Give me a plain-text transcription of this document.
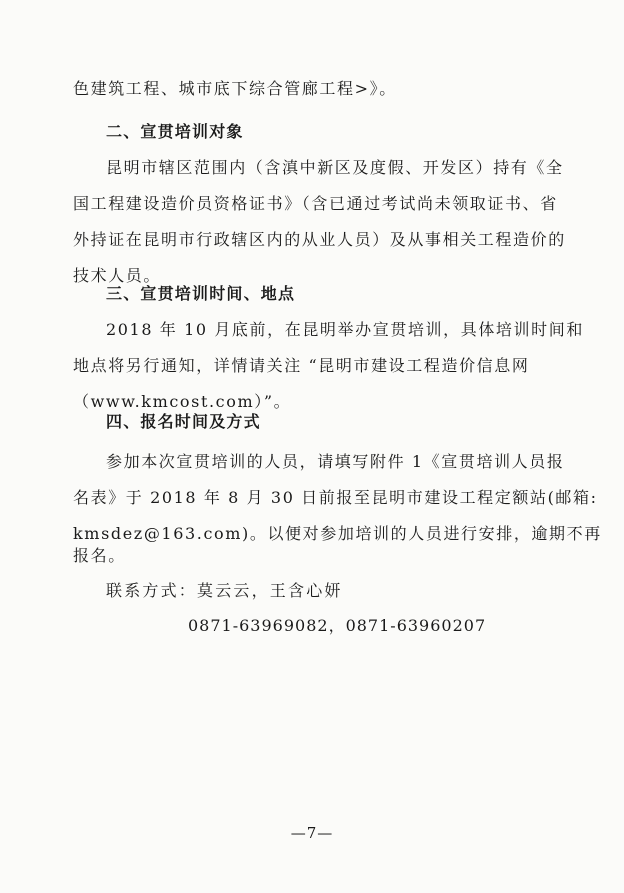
色建筑工程、城市底下综合管廊工程>》。
二、宣贯培训对象
昆明市辖区范围内（含滇中新区及度假、开发区）持有《全
国工程建设造价员资格证书》（含已通过考试尚未领取证书、省
外持证在昆明市行政辖区内的从业人员）及从事相关工程造价的
技术人员。
三、宣贯培训时间、地点
2018 年 10 月底前，在昆明举办宣贯培训，具体培训时间和
地点将另行通知，详情请关注 “昆明市建设工程造价信息网
（www.kmcost.com）”。
四、报名时间及方式
参加本次宣贯培训的人员，请填写附件 1《宣贯培训人员报
名表》于 2018 年 8 月 30 日前报至昆明市建设工程定额站(邮箱:
kmsdez@163.com)。以便对参加培训的人员进行安排，逾期不再
报名。
联系方式：莫云云，王含心妍
0871-63969082，0871-63960207
—7—
